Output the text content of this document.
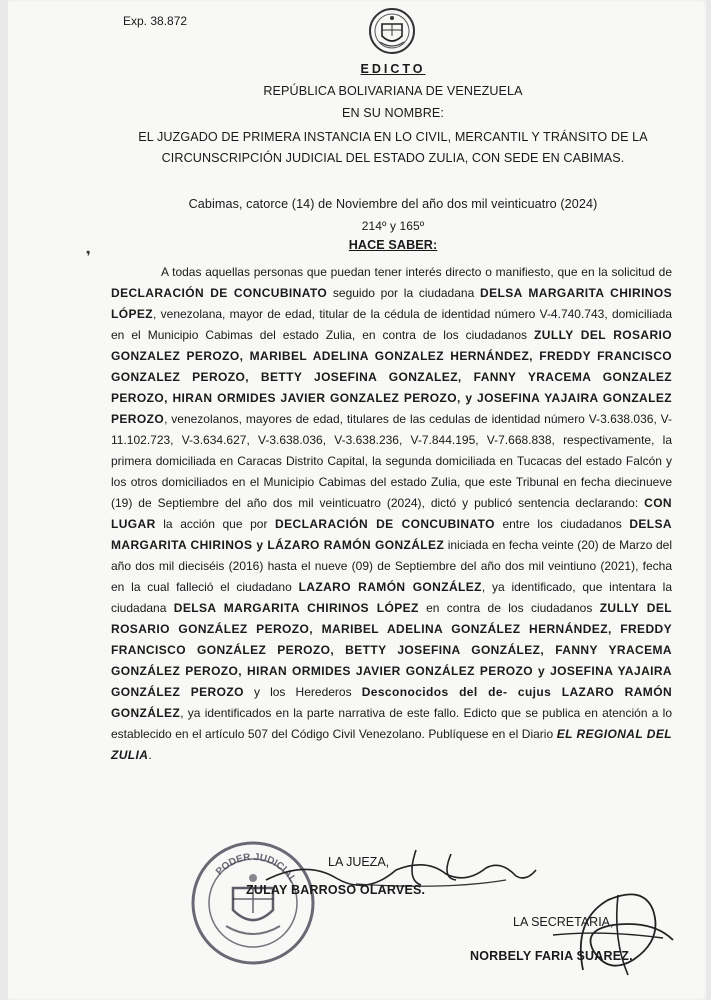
Exp. 38.872
EDICTO
REPÚBLICA BOLIVARIANA DE VENEZUELA
EN SU NOMBRE:
EL JUZGADO DE PRIMERA INSTANCIA EN LO CIVIL, MERCANTIL Y TRÁNSITO DE LA
CIRCUNSCRIPCIÓN JUDICIAL DEL ESTADO ZULIA, CON SEDE EN CABIMAS.
Cabimas, catorce (14) de Noviembre del año dos mil veinticuatro (2024)
214º y 165º
HACE SABER:
❜
A todas aquellas personas que puedan tener interés directo o manifiesto, que en la solicitud de DECLARACIÓN DE CONCUBINATO seguido por la ciudadana DELSA MARGARITA CHIRINOS LÓPEZ, venezolana, mayor de edad, titular de la cédula de identidad número V-4.740.743, domiciliada en el Municipio Cabimas del estado Zulia, en contra de los ciudadanos ZULLY DEL ROSARIO GONZALEZ PEROZO, MARIBEL ADELINA GONZALEZ HERNÁNDEZ, FREDDY FRANCISCO GONZALEZ PEROZO, BETTY JOSEFINA GONZALEZ, FANNY YRACEMA GONZALEZ PEROZO, HIRAN ORMIDES JAVIER GONZALEZ PEROZO, y JOSEFINA YAJAIRA GONZALEZ PEROZO, venezolanos, mayores de edad, titulares de las cedulas de identidad número V-3.638.036, V-11.102.723, V-3.634.627, V-3.638.036, V-3.638.236, V-7.844.195, V-7.668.838, respectivamente, la primera domiciliada en Caracas Distrito Capital, la segunda domiciliada en Tucacas del estado Falcón y los otros domiciliados en el Municipio Cabimas del estado Zulia, que este Tribunal en fecha diecinueve (19) de Septiembre del año dos mil veinticuatro (2024), dictó y publicó sentencia declarando: CON LUGAR la acción que por DECLARACIÓN DE CONCUBINATO entre los ciudadanos DELSA MARGARITA CHIRINOS y LÁZARO RAMÓN GONZÁLEZ iniciada en fecha veinte (20) de Marzo del año dos mil dieciséis (2016) hasta el nueve (09) de Septiembre del año dos mil veintiuno (2021), fecha en la cual falleció el ciudadano LAZARO RAMÓN GONZÁLEZ, ya identificado, que intentara la ciudadana DELSA MARGARITA CHIRINOS LÓPEZ en contra de los ciudadanos ZULLY DEL ROSARIO GONZÁLEZ PEROZO, MARIBEL ADELINA GONZÁLEZ HERNÁNDEZ, FREDDY FRANCISCO GONZÁLEZ PEROZO, BETTY JOSEFINA GONZÁLEZ, FANNY YRACEMA GONZÁLEZ PEROZO, HIRAN ORMIDES JAVIER GONZÁLEZ PEROZO y JOSEFINA YAJAIRA GONZÁLEZ PEROZO y los Herederos Desconocidos del de- cujus LAZARO RAMÓN GONZÁLEZ, ya identificados en la parte narrativa de este fallo. Edicto que se publica en atención a lo establecido en el artículo 507 del Código Civil Venezolano. Publíquese en el Diario EL REGIONAL DEL ZULIA.
PODER JUDICIAL
LA JUEZA,
ZULAY BARROSO OLARVES.
LA SECRETARIA,
NORBELY FARIA SUAREZ.
